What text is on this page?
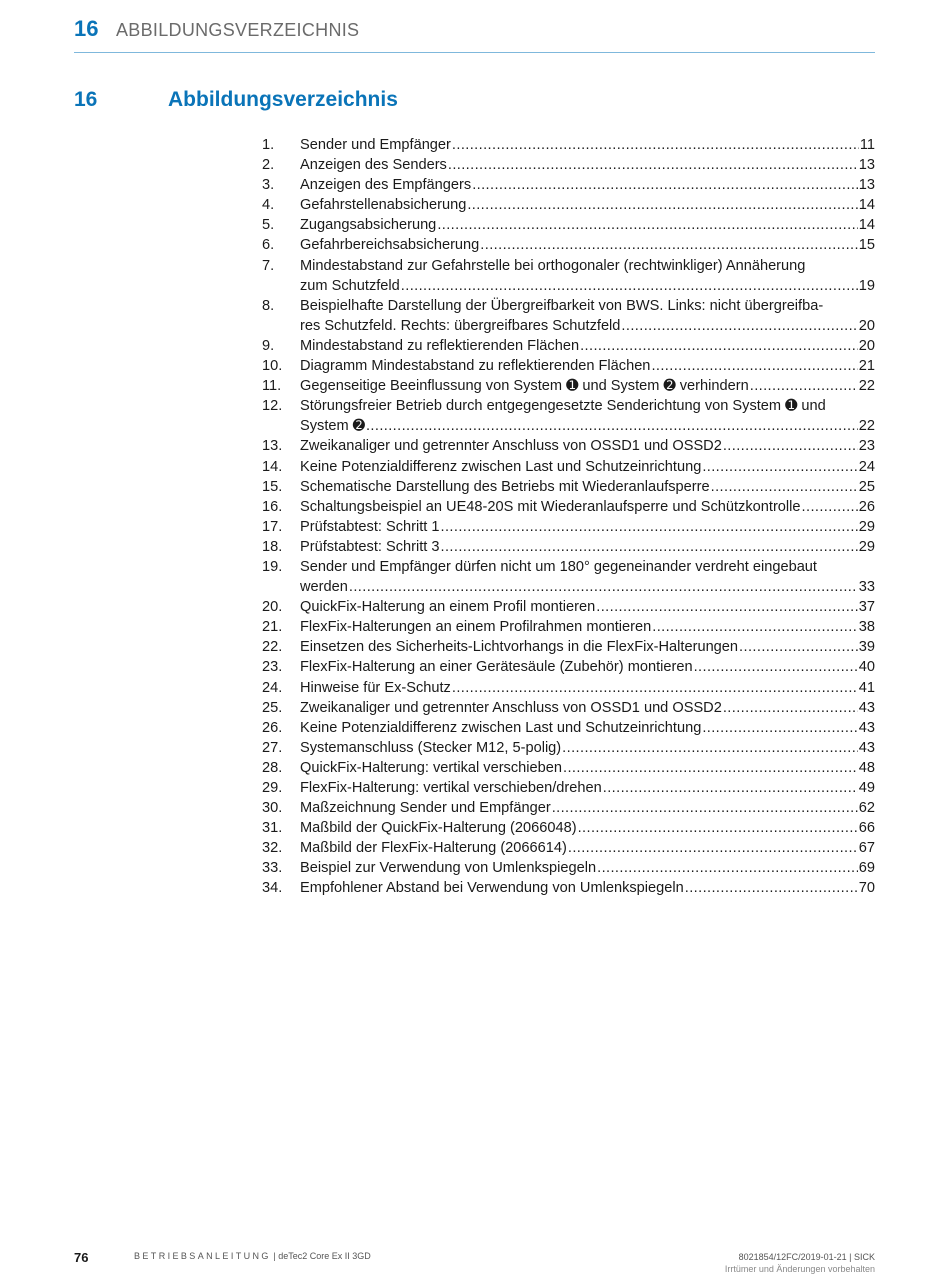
16 ABBILDUNGSVERZEICHNIS
16	Abbildungsverzeichnis
1. Sender und Empfänger .....	11
2. Anzeigen des Senders .....	13
3. Anzeigen des Empfängers .....	13
4. Gefahrstellenabsicherung .....	14
5. Zugangsabsicherung .....	14
6. Gefahrbereichsabsicherung .....	15
7. Mindestabstand zur Gefahrstelle bei orthogonaler (rechtwinkliger) Annäherung
zum Schutzfeld .....	19
8. Beispielhafte Darstellung der Übergreifbarkeit von BWS. Links: nicht übergreifba-
res Schutzfeld. Rechts: übergreifbares Schutzfeld .....	20
9. Mindestabstand zu reflektierenden Flächen .....	20
10. Diagramm Mindestabstand zu reflektierenden Flächen .....	21
11. Gegenseitige Beeinflussung von System ➊ und System ➋ verhindern .....	22
12. Störungsfreier Betrieb durch entgegengesetzte Senderichtung von System ➊ und
System ➋ .....	22
13. Zweikanaliger und getrennter Anschluss von OSSD1 und OSSD2 .....	23
14. Keine Potenzialdifferenz zwischen Last und Schutzeinrichtung .....	24
15. Schematische Darstellung des Betriebs mit Wiederanlaufsperre .....	25
16. Schaltungsbeispiel an UE48-20S mit Wiederanlaufsperre und Schützkontrolle .....	26
17. Prüfstabtest: Schritt 1 .....	29
18. Prüfstabtest: Schritt 3 .....	29
19. Sender und Empfänger dürfen nicht um 180° gegeneinander verdreht eingebaut
werden .....	33
20. QuickFix-Halterung an einem Profil montieren .....	37
21. FlexFix-Halterungen an einem Profilrahmen montieren .....	38
22. Einsetzen des Sicherheits-Lichtvorhangs in die FlexFix-Halterungen .....	39
23. FlexFix-Halterung an einer Gerätesäule (Zubehör) montieren .....	40
24. Hinweise für Ex-Schutz .....	41
25. Zweikanaliger und getrennter Anschluss von OSSD1 und OSSD2 .....	43
26. Keine Potenzialdifferenz zwischen Last und Schutzeinrichtung .....	43
27. Systemanschluss (Stecker M12, 5-polig) .....	43
28. QuickFix-Halterung: vertikal verschieben .....	48
29. FlexFix-Halterung: vertikal verschieben/drehen .....	49
30. Maßzeichnung Sender und Empfänger .....	62
31. Maßbild der QuickFix-Halterung (2066048) .....	66
32. Maßbild der FlexFix-Halterung (2066614) .....	67
33. Beispiel zur Verwendung von Umlenkspiegeln .....	69
34. Empfohlener Abstand bei Verwendung von Umlenkspiegeln .....	70
76	BETRIEBSANLEITUNG | deTec2 Core Ex II 3GD	8021854/12FC/2019-01-21 | SICK
Irrtümer und Änderungen vorbehalten
